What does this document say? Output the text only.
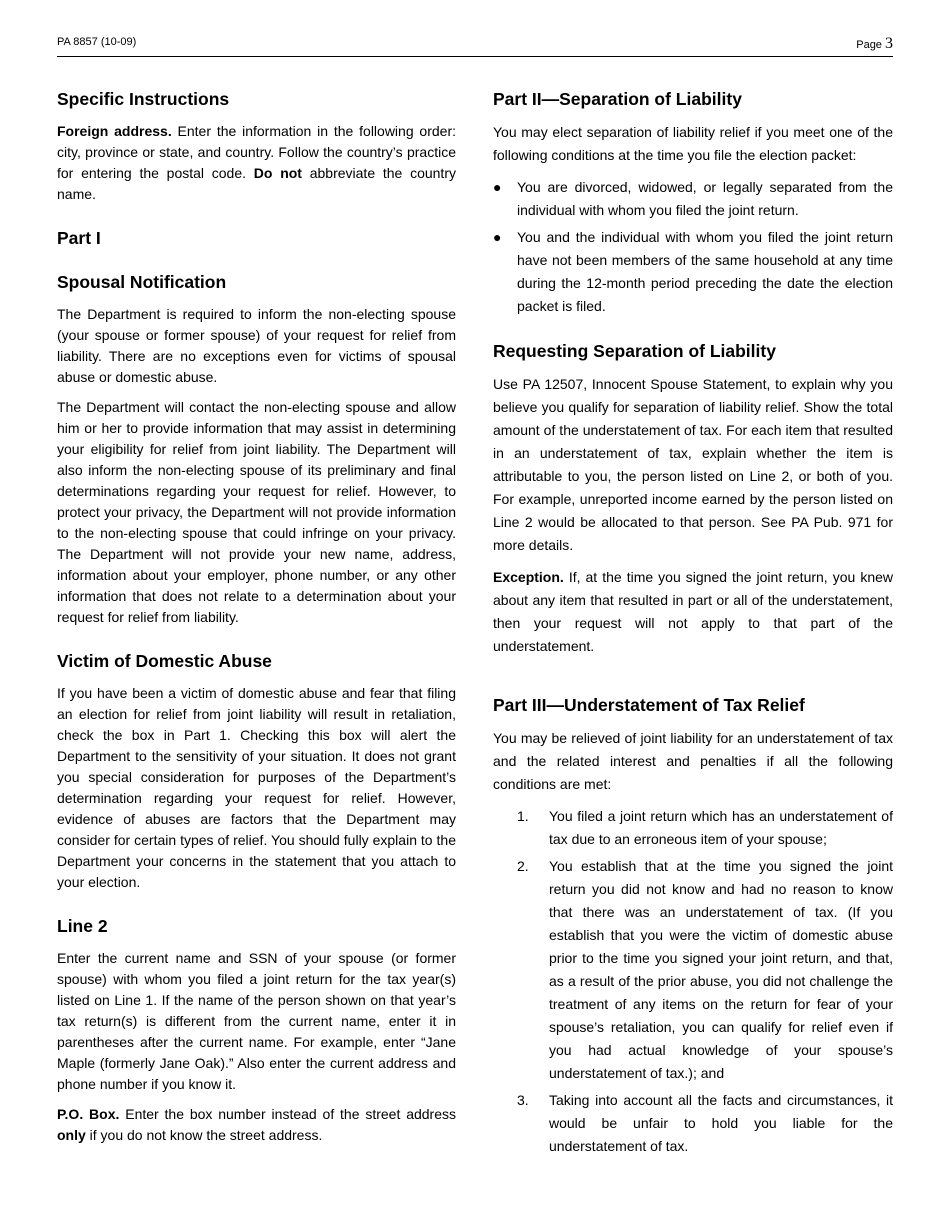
PA 8857 (10-09)	Page 3
Specific Instructions

Foreign address. Enter the information in the following order: city, province or state, and country. Follow the country’s practice for entering the postal code. Do not abbreviate the country name.

Part I
Spousal Notification

The Department is required to inform the non-electing spouse (your spouse or former spouse) of your request for relief from liability. There are no exceptions even for victims of spousal abuse or domestic abuse.

The Department will contact the non-electing spouse and allow him or her to provide information that may assist in determining your eligibility for relief from joint liability. The Department will also inform the non-electing spouse of its preliminary and final determinations regarding your request for relief. However, to protect your privacy, the Department will not provide information to the non-electing spouse that could infringe on your privacy. The Department will not provide your new name, address, information about your employer, phone number, or any other information that does not relate to a determination about your request for relief from liability.

Victim of Domestic Abuse

If you have been a victim of domestic abuse and fear that filing an election for relief from joint liability will result in retaliation, check the box in Part 1. Checking this box will alert the Department to the sensitivity of your situation. It does not grant you special consideration for purposes of the Department’s determination regarding your request for relief. However, evidence of abuses are factors that the Department may consider for certain types of relief. You should fully explain to the Department your concerns in the statement that you attach to your election.

Line 2

Enter the current name and SSN of your spouse (or former spouse) with whom you filed a joint return for the tax year(s) listed on Line 1. If the name of the person shown on that year’s tax return(s) is different from the current name, enter it in parentheses after the current name. For example, enter “Jane Maple (formerly Jane Oak).” Also enter the current address and phone number if you know it.

P.O. Box. Enter the box number instead of the street address only if you do not know the street address.

Part II—Separation of Liability

You may elect separation of liability relief if you meet one of the following conditions at the time you file the election packet:

● You are divorced, widowed, or legally separated from the individual with whom you filed the joint return.
● You and the individual with whom you filed the joint return have not been members of the same household at any time during the 12-month period preceding the date the election packet is filed.
Requesting Separation of Liability

Use PA 12507, Innocent Spouse Statement, to explain why you believe you qualify for separation of liability relief. Show the total amount of the understatement of tax. For each item that resulted in an understatement of tax, explain whether the item is attributable to you, the person listed on Line 2, or both of you. For example, unreported income earned by the person listed on Line 2 would be allocated to that person. See PA Pub. 971 for more details.

Exception. If, at the time you signed the joint return, you knew about any item that resulted in part or all of the understatement, then your request will not apply to that part of the understatement.

Part III—Understatement of Tax Relief

You may be relieved of joint liability for an understatement of tax and the related interest and penalties if all the following conditions are met:

1. You filed a joint return which has an understatement of tax due to an erroneous item of your spouse;
2. You establish that at the time you signed the joint return you did not know and had no reason to know that there was an understatement of tax. (If you establish that you were the victim of domestic abuse prior to the time you signed your joint return, and that, as a result of the prior abuse, you did not challenge the treatment of any items on the return for fear of your spouse’s retaliation, you can qualify for relief even if you had actual knowledge of your spouse’s understatement of tax.); and
3. Taking into account all the facts and circumstances, it would be unfair to hold you liable for the understatement of tax.
